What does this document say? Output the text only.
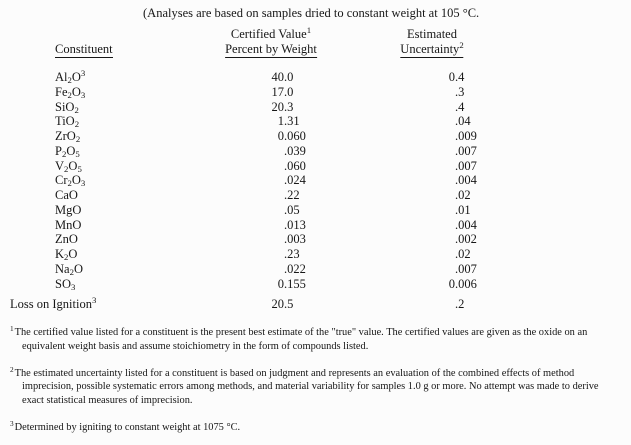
(Analyses are based on samples dried to constant weight at 105 °C.
Constituent
Certified Value$^1$
Percent by Weight
Estimated
Uncertainty$^2$
$Al_2O^3$	40 .0	0 .4
$Fe_2O_3$	17 .0	.3
SiO$_2$	20 .3	.4
TiO$_2$	1 .31	.04
ZrO$_2$	0 .060	.009
$P_2O_5$	.039	.007
$V_2O_5$	.060	.007
$Cr_2O_3$	.024	.004
CaO	.22	.02
MgO	.05	.01
MnO	.013	.004
ZnO	.003	.002
$K_2O$	.23	.02
$Na_2O$	.022	.007
$SO_3$	0 .155	0 .006
Loss on Ignition$^3$	20 .5	.2
$^1$The certified value listed for a constituent is the present best estimate of the "true" value. The certified values are given as the oxide on an equivalent weight basis and assume stoichiometry in the form of compounds listed.
$^2$The estimated uncertainty listed for a constituent is based on judgment and represents an evaluation of the combined effects of method imprecision, possible systematic errors among methods, and material variability for samples 1.0 g or more. No attempt was made to derive exact statistical measures of imprecision.
$^3$Determined by igniting to constant weight at 1075 °C.
